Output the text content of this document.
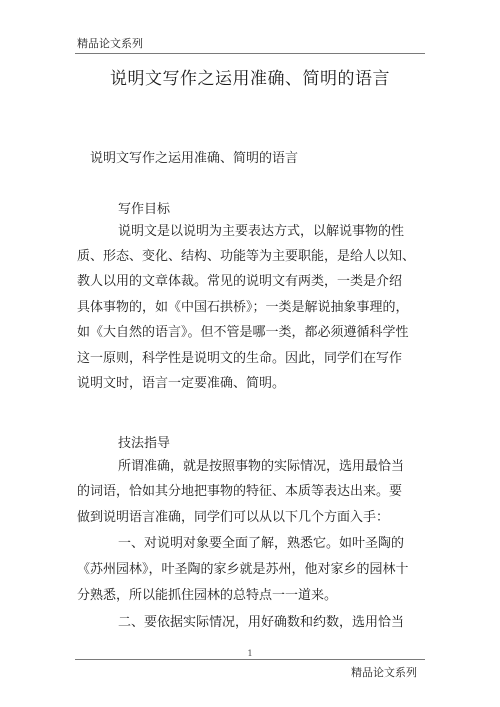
精品论文系列
说明文写作之运用准确、简明的语言
说明文写作之运用准确、简明的语言
写作目标
说明文是以说明为主要表达方式，以解说事物的性
质、形态、变化、结构、功能等为主要职能，是给人以知、
教人以用的文章体裁。常见的说明文有两类，一类是介绍
具体事物的，如《中国石拱桥》；一类是解说抽象事理的，
如《大自然的语言》。但不管是哪一类，都必须遵循科学性
这一原则，科学性是说明文的生命。因此，同学们在写作
说明文时，语言一定要准确、简明。
技法指导
所谓准确，就是按照事物的实际情况，选用最恰当
的词语，恰如其分地把事物的特征、本质等表达出来。要
做到说明语言准确，同学们可以从以下几个方面入手：
一、对说明对象要全面了解，熟悉它。如叶圣陶的
《苏州园林》，叶圣陶的家乡就是苏州，他对家乡的园林十
分熟悉，所以能抓住园林的总特点一一道来。
二、要依据实际情况，用好确数和约数，选用恰当
1
精品论文系列
